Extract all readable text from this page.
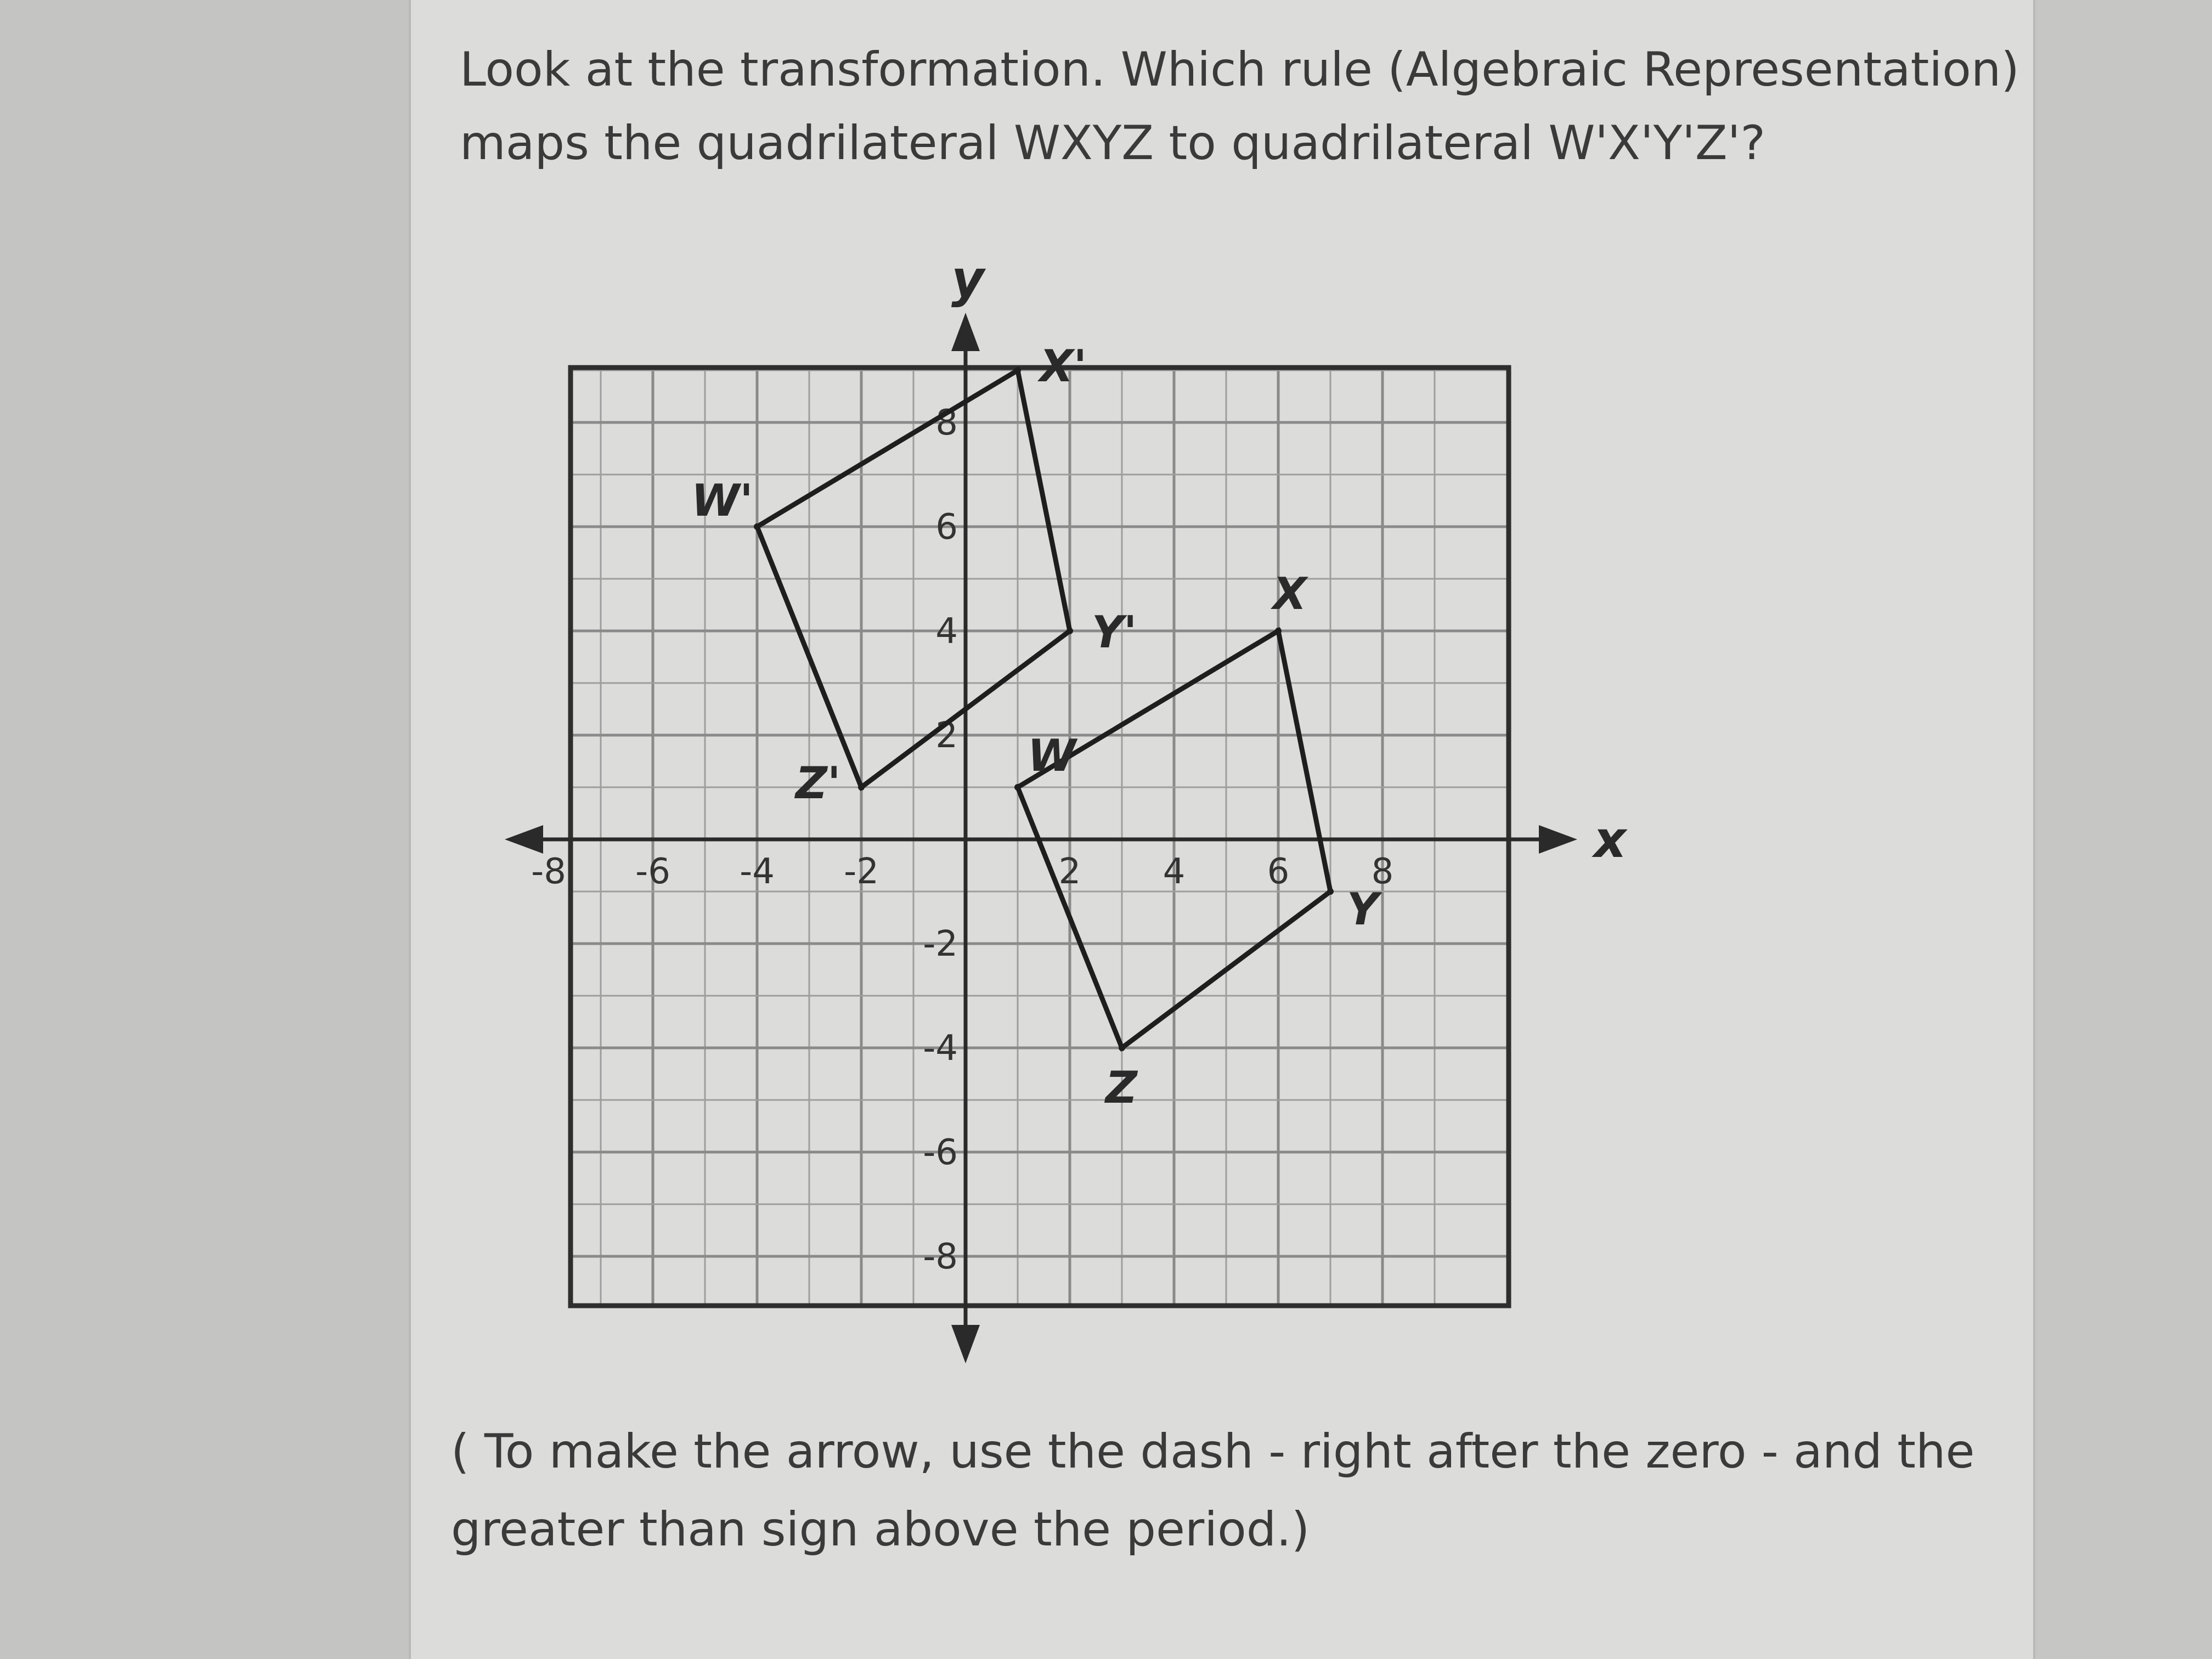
Look at the transformation. Which rule (Algebraic Representation)
maps the quadrilateral WXYZ to quadrilateral W'X'Y'Z'?

-8 -6 -4 -2	2 4 6 8
8
6
4
2
-2
-4
-6
-8
W
X
Y
Z
W'
X'
Y'
Z'
x
y

( To make the arrow, use the dash - right after the zero - and the
greater than sign above the period.)
